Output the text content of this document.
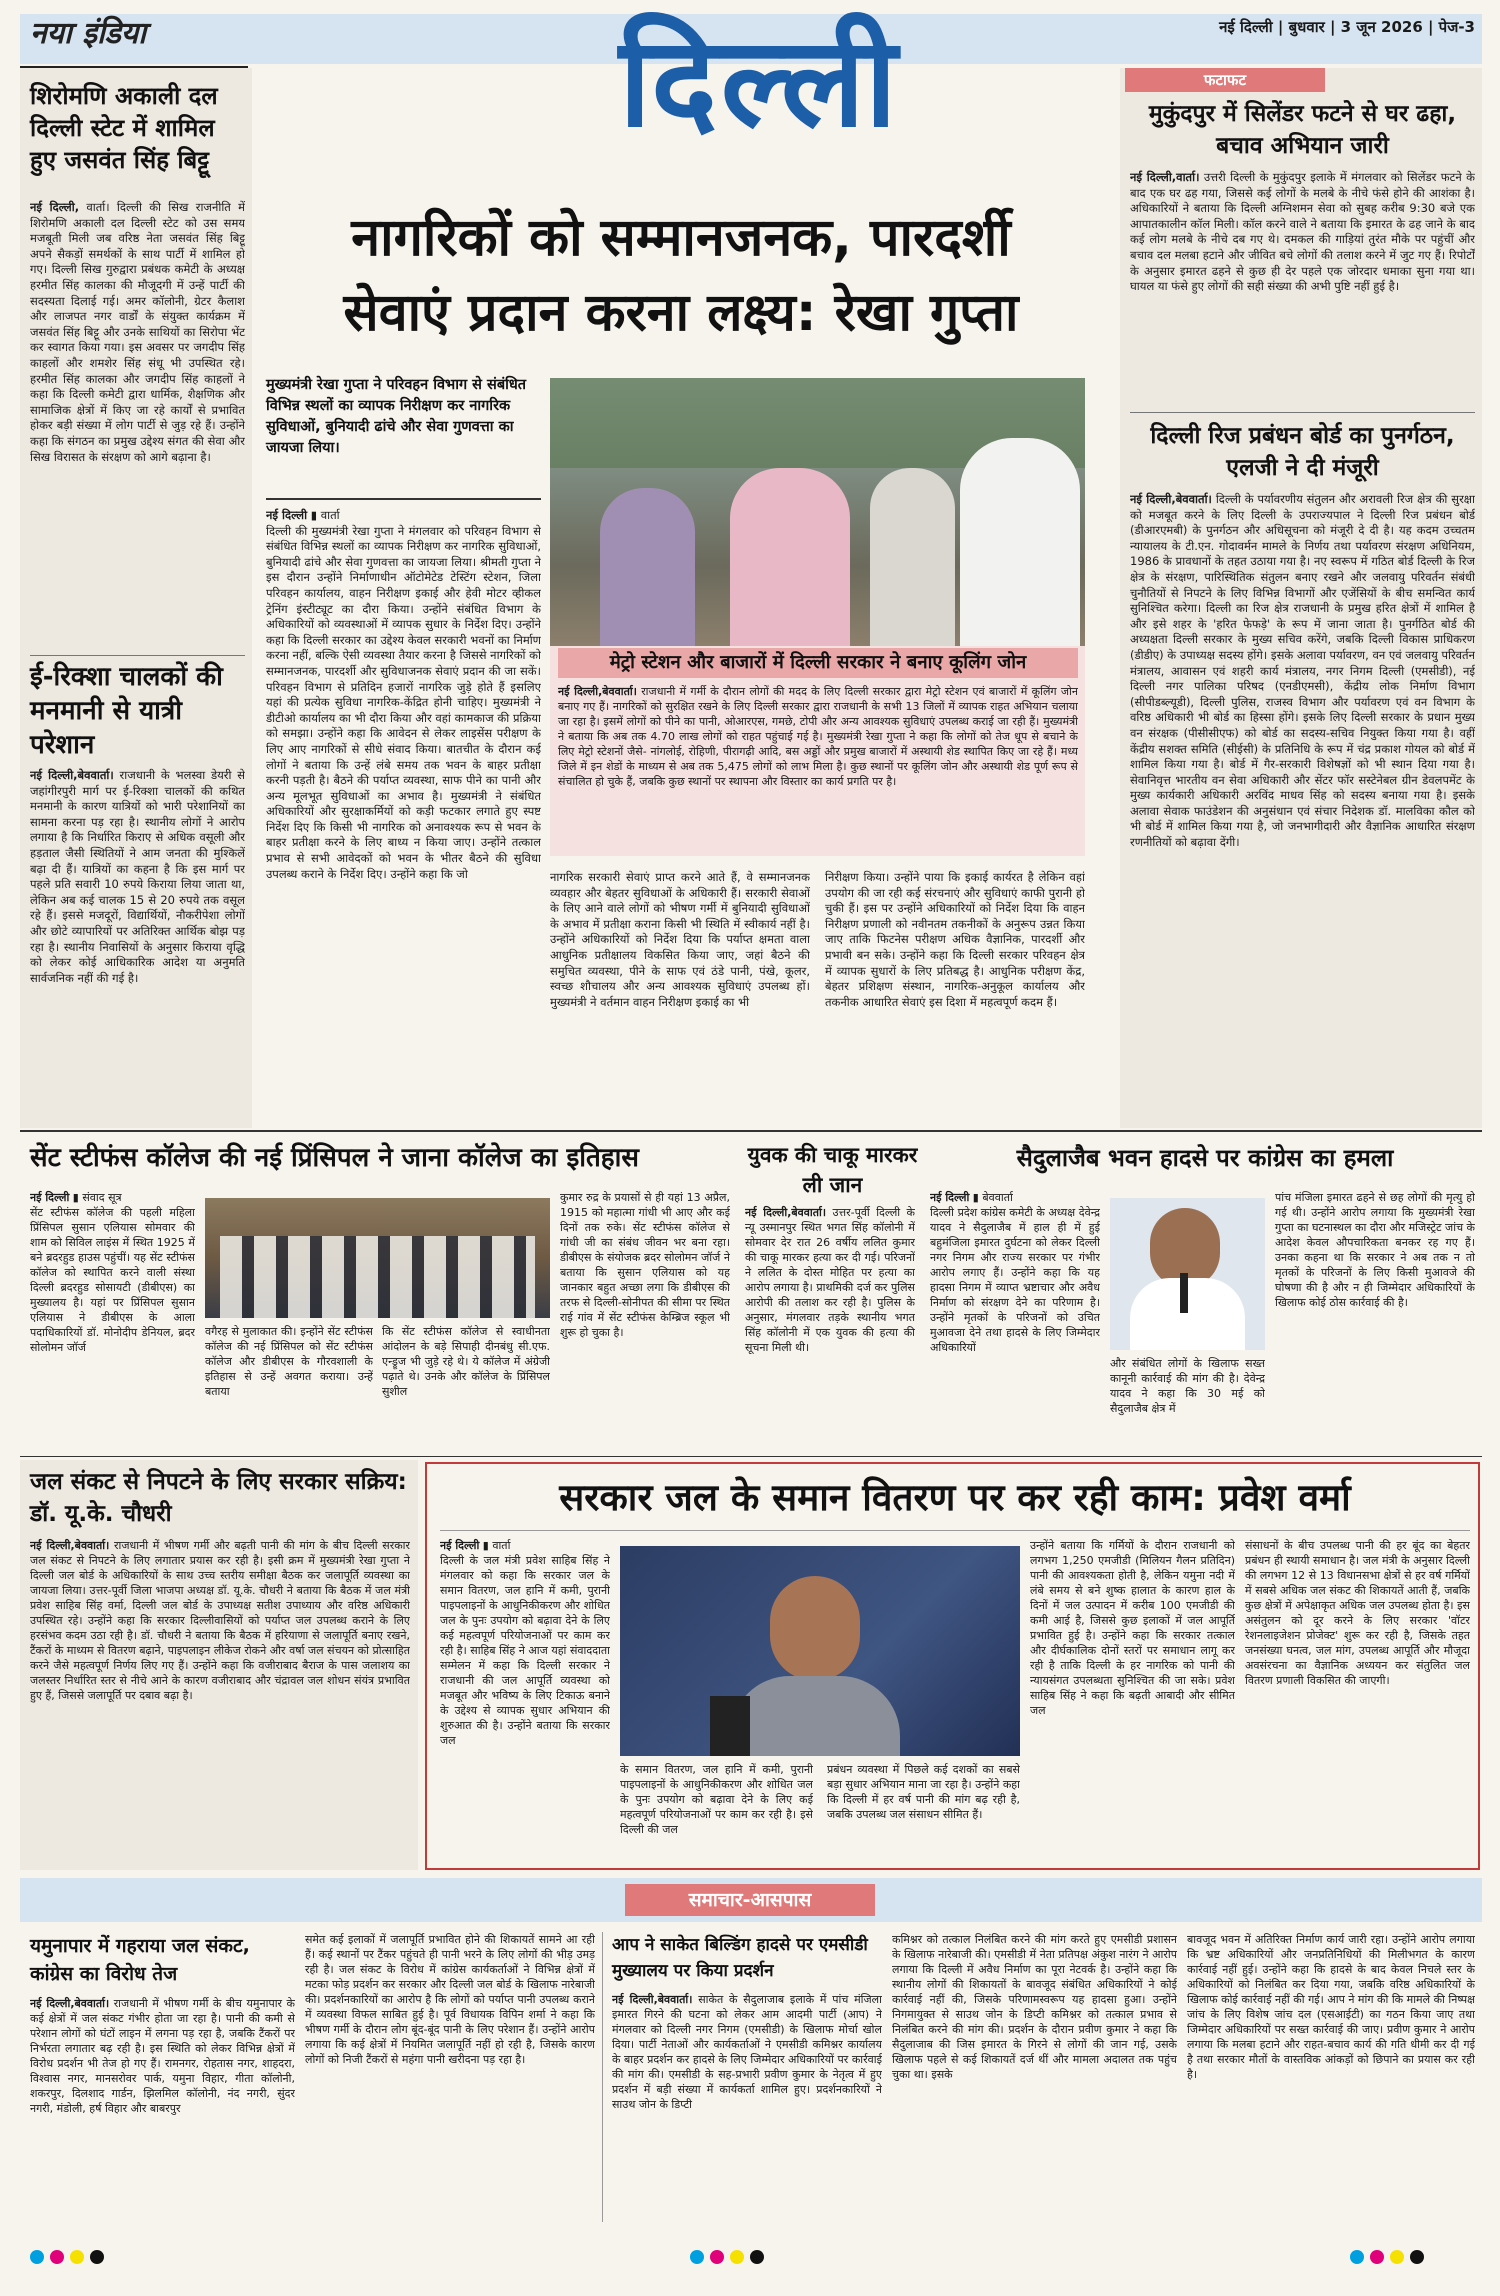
नया इंडिया	दिल्ली	नई दिल्ली | बुधवार | 3 जून 2026 | पेज-3
शिरोमणि अकाली दल दिल्ली स्टेट में शामिल हुए जसवंत सिंह बिट्टू
नई दिल्ली, वार्ता। दिल्ली की सिख राजनीति में शिरोमणि अकाली दल दिल्ली स्टेट को उस समय मजबूती मिली जब वरिष्ठ नेता जसवंत सिंह बिट्टू अपने सैकड़ों समर्थकों के साथ पार्टी में शामिल हो गए। दिल्ली सिख गुरुद्वारा प्रबंधक कमेटी के अध्यक्ष हरमीत सिंह कालका की मौजूदगी में उन्हें पार्टी की सदस्यता दिलाई गई। अमर कॉलोनी, ग्रेटर कैलाश और लाजपत नगर वार्डों के संयुक्त कार्यक्रम में जसवंत सिंह बिट्टू और उनके साथियों का सिरोपा भेंट कर स्वागत किया गया। इस अवसर पर जगदीप सिंह काहलों और शमशेर सिंह संधू भी उपस्थित रहे। हरमीत सिंह कालका और जगदीप सिंह काहलों ने कहा कि दिल्ली कमेटी द्वारा धार्मिक, शैक्षणिक और सामाजिक क्षेत्रों में किए जा रहे कार्यों से प्रभावित होकर बड़ी संख्या में लोग पार्टी से जुड़ रहे हैं। उन्होंने कहा कि संगठन का प्रमुख उद्देश्य संगत की सेवा और सिख विरासत के संरक्षण को आगे बढ़ाना है।
ई-रिक्शा चालकों की मनमानी से यात्री परेशान
नई दिल्ली,बेववार्ता। राजधानी के भलस्वा डेयरी से जहांगीरपुरी मार्ग पर ई-रिक्शा चालकों की कथित मनमानी के कारण यात्रियों को भारी परेशानियों का सामना करना पड़ रहा है। स्थानीय लोगों ने आरोप लगाया है कि निर्धारित किराए से अधिक वसूली और हड़ताल जैसी स्थितियों ने आम जनता की मुश्किलें बढ़ा दी हैं। यात्रियों का कहना है कि इस मार्ग पर पहले प्रति सवारी 10 रुपये किराया लिया जाता था, लेकिन अब कई चालक 15 से 20 रुपये तक वसूल रहे हैं। इससे मजदूरों, विद्यार्थियों, नौकरीपेशा लोगों और छोटे व्यापारियों पर अतिरिक्त आर्थिक बोझ पड़ रहा है। स्थानीय निवासियों के अनुसार किराया वृद्धि को लेकर कोई आधिकारिक आदेश या अनुमति सार्वजनिक नहीं की गई है।
नागरिकों को सम्मानजनक, पारदर्शी
सेवाएं प्रदान करना लक्ष्य: रेखा गुप्ता
मुख्यमंत्री रेखा गुप्ता ने परिवहन विभाग से संबंधित विभिन्न स्थलों का व्यापक निरीक्षण कर नागरिक सुविधाओं, बुनियादी ढांचे और सेवा गुणवत्ता का जायजा लिया।
मेट्रो स्टेशन और बाजारों में दिल्ली सरकार ने बनाए कूलिंग जोन
नई दिल्ली,बेववार्ता। राजधानी में गर्मी के दौरान लोगों की मदद के लिए दिल्ली सरकार द्वारा मेट्रो स्टेशन एवं बाजारों में कूलिंग जोन बनाए गए हैं। नागरिकों को सुरक्षित रखने के लिए दिल्ली सरकार द्वारा राजधानी के सभी 13 जिलों में व्यापक राहत अभियान चलाया जा रहा है। इसमें लोगों को पीने का पानी, ओआरएस, गमछे, टोपी और अन्य आवश्यक सुविधाएं उपलब्ध कराई जा रही हैं। मुख्यमंत्री ने बताया कि अब तक 4.70 लाख लोगों को राहत पहुंचाई गई है। मुख्यमंत्री रेखा गुप्ता ने कहा कि लोगों को तेज धूप से बचाने के लिए मेट्रो स्टेशनों जैसे- नांगलोई, रोहिणी, पीरागढ़ी आदि, बस अड्डों और प्रमुख बाजारों में अस्थायी शेड स्थापित किए जा रहे हैं। मध्य जिले में इन शेडों के माध्यम से अब तक 5,475 लोगों को लाभ मिला है। कुछ स्थानों पर कूलिंग जोन और अस्थायी शेड पूर्ण रूप से संचालित हो चुके हैं, जबकि कुछ स्थानों पर स्थापना और विस्तार का कार्य प्रगति पर है।
नई दिल्ली ▮ वार्ता
दिल्ली की मुख्यमंत्री रेखा गुप्ता ने मंगलवार को परिवहन विभाग से संबंधित विभिन्न स्थलों का व्यापक निरीक्षण कर नागरिक सुविधाओं, बुनियादी ढांचे और सेवा गुणवत्ता का जायजा लिया। श्रीमती गुप्ता ने इस दौरान उन्होंने निर्माणाधीन ऑटोमेटेड टेस्टिंग स्टेशन, जिला परिवहन कार्यालय, वाहन निरीक्षण इकाई और हेवी मोटर व्हीकल ट्रेनिंग इंस्टीट्यूट का दौरा किया। उन्होंने संबंधित विभाग के अधिकारियों को व्यवस्थाओं में व्यापक सुधार के निर्देश दिए। उन्होंने कहा कि दिल्ली सरकार का उद्देश्य केवल सरकारी भवनों का निर्माण करना नहीं, बल्कि ऐसी व्यवस्था तैयार करना है जिससे नागरिकों को सम्मानजनक, पारदर्शी और सुविधाजनक सेवाएं प्रदान की जा सकें। परिवहन विभाग से प्रतिदिन हजारों नागरिक जुड़े होते हैं इसलिए यहां की प्रत्येक सुविधा नागरिक-केंद्रित होनी चाहिए। मुख्यमंत्री ने डीटीओ कार्यालय का भी दौरा किया और वहां कामकाज की प्रक्रिया को समझा। उन्होंने कहा कि आवेदन से लेकर लाइसेंस परीक्षण के लिए आए नागरिकों से सीधे संवाद किया। बातचीत के दौरान कई लोगों ने बताया कि उन्हें लंबे समय तक भवन के बाहर प्रतीक्षा करनी पड़ती है। बैठने की पर्याप्त व्यवस्था, साफ पीने का पानी और अन्य मूलभूत सुविधाओं का अभाव है। मुख्यमंत्री ने संबंधित अधिकारियों और सुरक्षाकर्मियों को कड़ी फटकार लगाते हुए स्पष्ट निर्देश दिए कि किसी भी नागरिक को अनावश्यक रूप से भवन के बाहर प्रतीक्षा करने के लिए बाध्य न किया जाए। उन्होंने तत्काल प्रभाव से सभी आवेदकों को भवन के भीतर बैठने की सुविधा उपलब्ध कराने के निर्देश दिए। उन्होंने कहा कि जो	नागरिक सरकारी सेवाएं प्राप्त करने आते हैं, वे सम्मानजनक व्यवहार और बेहतर सुविधाओं के अधिकारी हैं। सरकारी सेवाओं के लिए आने वाले लोगों को भीषण गर्मी में बुनियादी सुविधाओं के अभाव में प्रतीक्षा कराना किसी भी स्थिति में स्वीकार्य नहीं है। उन्होंने अधिकारियों को निर्देश दिया कि पर्याप्त क्षमता वाला आधुनिक प्रतीक्षालय विकसित किया जाए, जहां बैठने की समुचित व्यवस्था, पीने के साफ एवं ठंडे पानी, पंखे, कूलर, स्वच्छ शौचालय और अन्य आवश्यक सुविधाएं उपलब्ध हों। मुख्यमंत्री ने वर्तमान वाहन निरीक्षण इकाई का भी
निरीक्षण किया। उन्होंने पाया कि इकाई कार्यरत है लेकिन वहां उपयोग की जा रही कई संरचनाएं और सुविधाएं काफी पुरानी हो चुकी हैं। इस पर उन्होंने अधिकारियों को निर्देश दिया कि वाहन निरीक्षण प्रणाली को नवीनतम तकनीकों के अनुरूप उन्नत किया जाए ताकि फिटनेस परीक्षण अधिक वैज्ञानिक, पारदर्शी और प्रभावी बन सके। उन्होंने कहा कि दिल्ली सरकार परिवहन क्षेत्र में व्यापक सुधारों के लिए प्रतिबद्ध है। आधुनिक परीक्षण केंद्र, बेहतर प्रशिक्षण संस्थान, नागरिक-अनुकूल कार्यालय और तकनीक आधारित सेवाएं इस दिशा में महत्वपूर्ण कदम हैं।
फटाफट
मुकुंदपुर में सिलेंडर फटने से घर ढहा, बचाव अभियान जारी
नई दिल्ली,वार्ता। उत्तरी दिल्ली के मुकुंदपुर इलाके में मंगलवार को सिलेंडर फटने के बाद एक घर ढह गया, जिससे कई लोगों के मलबे के नीचे फंसे होने की आशंका है। अधिकारियों ने बताया कि दिल्ली अग्निशमन सेवा को सुबह करीब 9:30 बजे एक आपातकालीन कॉल मिली। कॉल करने वाले ने बताया कि इमारत के ढह जाने के बाद कई लोग मलबे के नीचे दब गए थे। दमकल की गाड़ियां तुरंत मौके पर पहुंचीं और बचाव दल मलबा हटाने और जीवित बचे लोगों की तलाश करने में जुट गए हैं। रिपोर्टों के अनुसार इमारत ढहने से कुछ ही देर पहले एक जोरदार धमाका सुना गया था। घायल या फंसे हुए लोगों की सही संख्या की अभी पुष्टि नहीं हुई है।
दिल्ली रिज प्रबंधन बोर्ड का पुनर्गठन, एलजी ने दी मंजूरी
नई दिल्ली,बेववार्ता। दिल्ली के पर्यावरणीय संतुलन और अरावली रिज क्षेत्र की सुरक्षा को मजबूत करने के लिए दिल्ली के उपराज्यपाल ने दिल्ली रिज प्रबंधन बोर्ड (डीआरएमबी) के पुनर्गठन और अधिसूचना को मंजूरी दे दी है। यह कदम उच्चतम न्यायालय के टी.एन. गोदावर्मन मामले के निर्णय तथा पर्यावरण संरक्षण अधिनियम, 1986 के प्रावधानों के तहत उठाया गया है। नए स्वरूप में गठित बोर्ड दिल्ली के रिज क्षेत्र के संरक्षण, पारिस्थितिक संतुलन बनाए रखने और जलवायु परिवर्तन संबंधी चुनौतियों से निपटने के लिए विभिन्न विभागों और एजेंसियों के बीच समन्वित कार्य सुनिश्चित करेगा। दिल्ली का रिज क्षेत्र राजधानी के प्रमुख हरित क्षेत्रों में शामिल है और इसे शहर के 'हरित फेफड़े' के रूप में जाना जाता है। पुनर्गठित बोर्ड की अध्यक्षता दिल्ली सरकार के मुख्य सचिव करेंगे, जबकि दिल्ली विकास प्राधिकरण (डीडीए) के उपाध्यक्ष सदस्य होंगे। इसके अलावा पर्यावरण, वन एवं जलवायु परिवर्तन मंत्रालय, आवासन एवं शहरी कार्य मंत्रालय, नगर निगम दिल्ली (एमसीडी), नई दिल्ली नगर पालिका परिषद (एनडीएमसी), केंद्रीय लोक निर्माण विभाग (सीपीडब्ल्यूडी), दिल्ली पुलिस, राजस्व विभाग और पर्यावरण एवं वन विभाग के वरिष्ठ अधिकारी भी बोर्ड का हिस्सा होंगे। इसके लिए दिल्ली सरकार के प्रधान मुख्य वन संरक्षक (पीसीसीएफ) को बोर्ड का सदस्य-सचिव नियुक्त किया गया है। वहीं केंद्रीय सशक्त समिति (सीईसी) के प्रतिनिधि के रूप में चंद्र प्रकाश गोयल को बोर्ड में शामिल किया गया है। बोर्ड में गैर-सरकारी विशेषज्ञों को भी स्थान दिया गया है। सेवानिवृत्त भारतीय वन सेवा अधिकारी और सेंटर फॉर सस्टेनेबल ग्रीन डेवलपमेंट के मुख्य कार्यकारी अधिकारी अरविंद माधव सिंह को सदस्य बनाया गया है। इसके अलावा सेवाक फाउंडेशन की अनुसंधान एवं संचार निदेशक डॉ. मालविका कौल को भी बोर्ड में शामिल किया गया है, जो जनभागीदारी और वैज्ञानिक आधारित संरक्षण रणनीतियों को बढ़ावा देंगी।
सेंट स्टीफंस कॉलेज की नई प्रिंसिपल ने जाना कॉलेज का इतिहास
नई दिल्ली ▮ संवाद सूत्र
सेंट स्टीफंस कॉलेज की पहली महिला प्रिंसिपल सुसान एलियास सोमवार की शाम को सिविल लाइंस में स्थित 1925 में बने ब्रदरहुड हाउस पहुंचीं। यह सेंट स्टीफंस कॉलेज को स्थापित करने वाली संस्था दिल्ली ब्रदरहुड सोसायटी (डीबीएस) का मुख्यालय है। यहां पर प्रिंसिपल सुसान एलियास ने डीबीएस के आला पदाधिकारियों डॉ. मोनोदीप डेनियल, ब्रदर सोलोमन जॉर्ज
वगैरह से मुलाकात की। इन्होंने सेंट स्टीफंस कॉलेज की नई प्रिंसिपल को सेंट स्टीफंस कॉलेज और डीबीएस के गौरवशाली के इतिहास से उन्हें अवगत कराया। उन्हें बताया
कि सेंट स्टीफंस कॉलेज से स्वाधीनता आंदोलन के बड़े सिपाही दीनबंधु सी.एफ. एन्ड्रूज भी जुड़े रहे थे। ये कॉलेज में अंग्रेजी पढ़ाते थे। उनके और कॉलेज के प्रिंसिपल सुशील
कुमार रुद्र के प्रयासों से ही यहां 13 अप्रैल, 1915 को महात्मा गांधी भी आए और कई दिनों तक रुके। सेंट स्टीफंस कॉलेज से गांधी जी का संबंध जीवन भर बना रहा। डीबीएस के संयोजक ब्रदर सोलोमन जॉर्ज ने बताया कि सुसान एलियास को यह जानकार बहुत अच्छा लगा कि डीबीएस की तरफ से दिल्ली-सोनीपत की सीमा पर स्थित राई गांव में सेंट स्टीफंस केम्ब्रिज स्कूल भी शुरू हो चुका है।
युवक की चाकू मारकर ली जान
नई दिल्ली,बेववार्ता। उत्तर-पूर्वी दिल्ली के न्यू उस्मानपुर स्थित भगत सिंह कॉलोनी में सोमवार देर रात 26 वर्षीय ललित कुमार की चाकू मारकर हत्या कर दी गई। परिजनों ने ललित के दोस्त मोहित पर हत्या का आरोप लगाया है। प्राथमिकी दर्ज कर पुलिस आरोपी की तलाश कर रही है। पुलिस के अनुसार, मंगलवार तड़के स्थानीय भगत सिंह कॉलोनी में एक युवक की हत्या की सूचना मिली थी।
सैदुलाजैब भवन हादसे पर कांग्रेस का हमला
नई दिल्ली ▮ बेववार्ता
दिल्ली प्रदेश कांग्रेस कमेटी के अध्यक्ष देवेन्द्र यादव ने सैदुलाजैब में हाल ही में हुई बहुमंजिला इमारत दुर्घटना को लेकर दिल्ली नगर निगम और राज्य सरकार पर गंभीर आरोप लगाए हैं। उन्होंने कहा कि यह हादसा निगम में व्याप्त भ्रष्टाचार और अवैध निर्माण को संरक्षण देने का परिणाम है। उन्होंने मृतकों के परिजनों को उचित मुआवजा देने तथा हादसे के लिए जिम्मेदार अधिकारियों
और संबंधित लोगों के खिलाफ सख्त कानूनी कार्रवाई की मांग की है। देवेन्द्र यादव ने कहा कि 30 मई को सैदुलाजैब क्षेत्र में
पांच मंजिला इमारत ढहने से छह लोगों की मृत्यु हो गई थी। उन्होंने आरोप लगाया कि मुख्यमंत्री रेखा गुप्ता का घटनास्थल का दौरा और मजिस्ट्रेट जांच के आदेश केवल औपचारिकता बनकर रह गए हैं। उनका कहना था कि सरकार ने अब तक न तो मृतकों के परिजनों के लिए किसी मुआवजे की घोषणा की है और न ही जिम्मेदार अधिकारियों के खिलाफ कोई ठोस कार्रवाई की है।
जल संकट से निपटने के लिए सरकार सक्रिय: डॉ. यू.के. चौधरी
नई दिल्ली,बेववार्ता। राजधानी में भीषण गर्मी और बढ़ती पानी की मांग के बीच दिल्ली सरकार जल संकट से निपटने के लिए लगातार प्रयास कर रही है। इसी क्रम में मुख्यमंत्री रेखा गुप्ता ने दिल्ली जल बोर्ड के अधिकारियों के साथ उच्च स्तरीय समीक्षा बैठक कर जलापूर्ति व्यवस्था का जायजा लिया। उत्तर-पूर्वी जिला भाजपा अध्यक्ष डॉ. यू.के. चौधरी ने बताया कि बैठक में जल मंत्री प्रवेश साहिब सिंह वर्मा, दिल्ली जल बोर्ड के उपाध्यक्ष सतीश उपाध्याय और वरिष्ठ अधिकारी उपस्थित रहे। उन्होंने कहा कि सरकार दिल्लीवासियों को पर्याप्त जल उपलब्ध कराने के लिए हरसंभव कदम उठा रही है। डॉ. चौधरी ने बताया कि बैठक में हरियाणा से जलापूर्ति बनाए रखने, टैंकरों के माध्यम से वितरण बढ़ाने, पाइपलाइन लीकेज रोकने और वर्षा जल संचयन को प्रोत्साहित करने जैसे महत्वपूर्ण निर्णय लिए गए हैं। उन्होंने कहा कि वजीराबाद बैराज के पास जलाशय का जलस्तर निर्धारित स्तर से नीचे आने के कारण वजीराबाद और चंद्रावल जल शोधन संयंत्र प्रभावित हुए हैं, जिससे जलापूर्ति पर दबाव बढ़ा है।
सरकार जल के समान वितरण पर कर रही काम: प्रवेश वर्मा
नई दिल्ली ▮ वार्ता
दिल्ली के जल मंत्री प्रवेश साहिब सिंह ने मंगलवार को कहा कि सरकार जल के समान वितरण, जल हानि में कमी, पुरानी पाइपलाइनों के आधुनिकीकरण और शोधित जल के पुनः उपयोग को बढ़ावा देने के लिए कई महत्वपूर्ण परियोजनाओं पर काम कर रही है। साहिब सिंह ने आज यहां संवाददाता सम्मेलन में कहा कि दिल्ली सरकार ने राजधानी की जल आपूर्ति व्यवस्था को मजबूत और भविष्य के लिए टिकाऊ बनाने के उद्देश्य से व्यापक सुधार अभियान की शुरुआत की है। उन्होंने बताया कि सरकार जल
के समान वितरण, जल हानि में कमी, पुरानी पाइपलाइनों के आधुनिकीकरण और शोधित जल के पुनः उपयोग को बढ़ावा देने के लिए कई महत्वपूर्ण परियोजनाओं पर काम कर रही है। इसे दिल्ली की जल
प्रबंधन व्यवस्था में पिछले कई दशकों का सबसे बड़ा सुधार अभियान माना जा रहा है। उन्होंने कहा कि दिल्ली में हर वर्ष पानी की मांग बढ़ रही है, जबकि उपलब्ध जल संसाधन सीमित हैं।
उन्होंने बताया कि गर्मियों के दौरान राजधानी को लगभग 1,250 एमजीडी (मिलियन गैलन प्रतिदिन) पानी की आवश्यकता होती है, लेकिन यमुना नदी में लंबे समय से बने शुष्क हालात के कारण हाल के दिनों में जल उत्पादन में करीब 100 एमजीडी की कमी आई है, जिससे कुछ इलाकों में जल आपूर्ति प्रभावित हुई है। उन्होंने कहा कि सरकार तत्काल और दीर्घकालिक दोनों स्तरों पर समाधान लागू कर रही है ताकि दिल्ली के हर नागरिक को पानी की न्यायसंगत उपलब्धता सुनिश्चित की जा सके। प्रवेश साहिब सिंह ने कहा कि बढ़ती आबादी और सीमित जल
संसाधनों के बीच उपलब्ध पानी की हर बूंद का बेहतर प्रबंधन ही स्थायी समाधान है। जल मंत्री के अनुसार दिल्ली की लगभग 12 से 13 विधानसभा क्षेत्रों से हर वर्ष गर्मियों में सबसे अधिक जल संकट की शिकायतें आती हैं, जबकि कुछ क्षेत्रों में अपेक्षाकृत अधिक जल उपलब्ध होता है। इस असंतुलन को दूर करने के लिए सरकार 'वॉटर रेशनलाइजेशन प्रोजेक्ट' शुरू कर रही है, जिसके तहत जनसंख्या घनत्व, जल मांग, उपलब्ध आपूर्ति और मौजूदा अवसंरचना का वैज्ञानिक अध्ययन कर संतुलित जल वितरण प्रणाली विकसित की जाएगी।
समाचार-आसपास
यमुनापार में गहराया जल संकट, कांग्रेस का विरोध तेज
नई दिल्ली,बेववार्ता। राजधानी में भीषण गर्मी के बीच यमुनापार के कई क्षेत्रों में जल संकट गंभीर होता जा रहा है। पानी की कमी से परेशान लोगों को घंटों लाइन में लगना पड़ रहा है, जबकि टैंकरों पर निर्भरता लगातार बढ़ रही है। इस स्थिति को लेकर विभिन्न क्षेत्रों में विरोध प्रदर्शन भी तेज हो गए हैं। रामनगर, रोहतास नगर, शाहदरा, विश्वास नगर, मानसरोवर पार्क, यमुना विहार, गीता कॉलोनी, शकरपुर, दिलशाद गार्डन, झिलमिल कॉलोनी, नंद नगरी, सुंदर नगरी, मंडोली, हर्ष विहार और बाबरपुर
समेत कई इलाकों में जलापूर्ति प्रभावित होने की शिकायतें सामने आ रही हैं। कई स्थानों पर टैंकर पहुंचते ही पानी भरने के लिए लोगों की भीड़ उमड़ रही है। जल संकट के विरोध में कांग्रेस कार्यकर्ताओं ने विभिन्न क्षेत्रों में मटका फोड़ प्रदर्शन कर सरकार और दिल्ली जल बोर्ड के खिलाफ नारेबाजी की। प्रदर्शनकारियों का आरोप है कि लोगों को पर्याप्त पानी उपलब्ध कराने में व्यवस्था विफल साबित हुई है। पूर्व विधायक विपिन शर्मा ने कहा कि भीषण गर्मी के दौरान लोग बूंद-बूंद पानी के लिए परेशान हैं। उन्होंने आरोप लगाया कि कई क्षेत्रों में नियमित जलापूर्ति नहीं हो रही है, जिसके कारण लोगों को निजी टैंकरों से महंगा पानी खरीदना पड़ रहा है।
आप ने साकेत बिल्डिंग हादसे पर एमसीडी मुख्यालय पर किया प्रदर्शन
नई दिल्ली,बेववार्ता। साकेत के सैदुलाजाब इलाके में पांच मंजिला इमारत गिरने की घटना को लेकर आम आदमी पार्टी (आप) ने मंगलवार को दिल्ली नगर निगम (एमसीडी) के खिलाफ मोर्चा खोल दिया। पार्टी नेताओं और कार्यकर्ताओं ने एमसीडी कमिश्नर कार्यालय के बाहर प्रदर्शन कर हादसे के लिए जिम्मेदार अधिकारियों पर कार्रवाई की मांग की। एमसीडी के सह-प्रभारी प्रवीण कुमार के नेतृत्व में हुए प्रदर्शन में बड़ी संख्या में कार्यकर्ता शामिल हुए। प्रदर्शनकारियों ने साउथ जोन के डिप्टी
कमिश्नर को तत्काल निलंबित करने की मांग करते हुए एमसीडी प्रशासन के खिलाफ नारेबाजी की। एमसीडी में नेता प्रतिपक्ष अंकुश नारंग ने आरोप लगाया कि दिल्ली में अवैध निर्माण का पूरा नेटवर्क है। उन्होंने कहा कि स्थानीय लोगों की शिकायतों के बावजूद संबंधित अधिकारियों ने कोई कार्रवाई नहीं की, जिसके परिणामस्वरूप यह हादसा हुआ। उन्होंने निगमायुक्त से साउथ जोन के डिप्टी कमिश्नर को तत्काल प्रभाव से निलंबित करने की मांग की। प्रदर्शन के दौरान प्रवीण कुमार ने कहा कि सैदुलाजाब की जिस इमारत के गिरने से लोगों की जान गई, उसके खिलाफ पहले से कई शिकायतें दर्ज थीं और मामला अदालत तक पहुंच चुका था। इसके
बावजूद भवन में अतिरिक्त निर्माण कार्य जारी रहा। उन्होंने आरोप लगाया कि भ्रष्ट अधिकारियों और जनप्रतिनिधियों की मिलीभगत के कारण कार्रवाई नहीं हुई। उन्होंने कहा कि हादसे के बाद केवल निचले स्तर के अधिकारियों को निलंबित कर दिया गया, जबकि वरिष्ठ अधिकारियों के खिलाफ कोई कार्रवाई नहीं की गई। आप ने मांग की कि मामले की निष्पक्ष जांच के लिए विशेष जांच दल (एसआईटी) का गठन किया जाए तथा जिम्मेदार अधिकारियों पर सख्त कार्रवाई की जाए। प्रवीण कुमार ने आरोप लगाया कि मलबा हटाने और राहत-बचाव कार्य की गति धीमी कर दी गई है तथा सरकार मौतों के वास्तविक आंकड़ों को छिपाने का प्रयास कर रही है।
